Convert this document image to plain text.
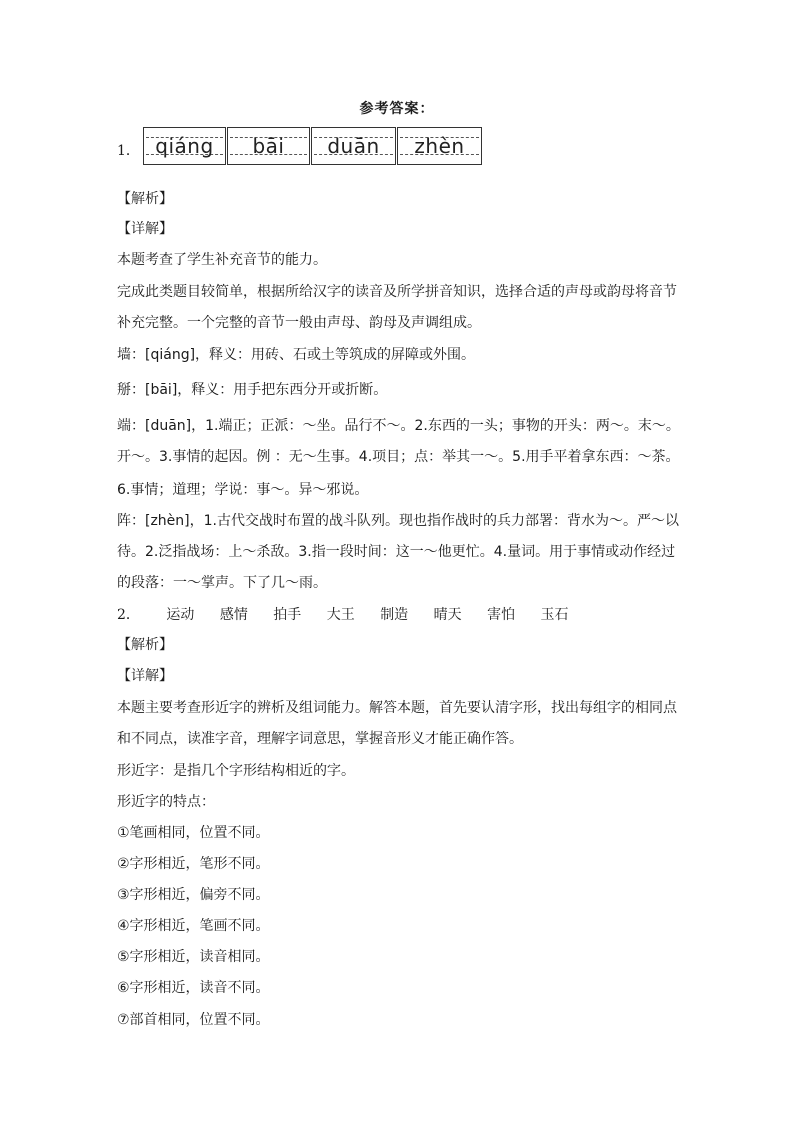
参考答案：
1． qiáng	bāi	duān	zhèn
【解析】
【详解】
本题考查了学生补充音节的能力。
完成此类题目较简单，根据所给汉字的读音及所学拼音知识，选择合适的声母或韵母将音节
补充完整。一个完整的音节一般由声母、韵母及声调组成。
墙：[qiáng]，释义：用砖、石或土等筑成的屏障或外围。
掰：[bāi]，释义：用手把东西分开或折断。
端：[duān]，1.端正；正派：～坐。品行不～。2.东西的一头；事物的开头：两～。末～。
开～。3.事情的起因。例 ：无～生事。4.项目；点：举其一～。5.用手平着拿东西：～茶。
6.事情；道理；学说：事～。异～邪说。
阵：[zhèn]，1.古代交战时布置的战斗队列。现也指作战时的兵力部署：背水为～。严～以
待。2.泛指战场：上～杀敌。3.指一段时间：这一～他更忙。4.量词。用于事情或动作经过
的段落：一～掌声。下了几～雨。
2． 运动 感情 拍手 大王 制造 晴天 害怕 玉石
【解析】
【详解】
本题主要考查形近字的辨析及组词能力。解答本题，首先要认清字形，找出每组字的相同点
和不同点，读准字音，理解字词意思，掌握音形义才能正确作答。
形近字：是指几个字形结构相近的字。
形近字的特点：
①笔画相同，位置不同。
②字形相近，笔形不同。
③字形相近，偏旁不同。
④字形相近，笔画不同。
⑤字形相近，读音相同。
⑥字形相近，读音不同。
⑦部首相同，位置不同。
